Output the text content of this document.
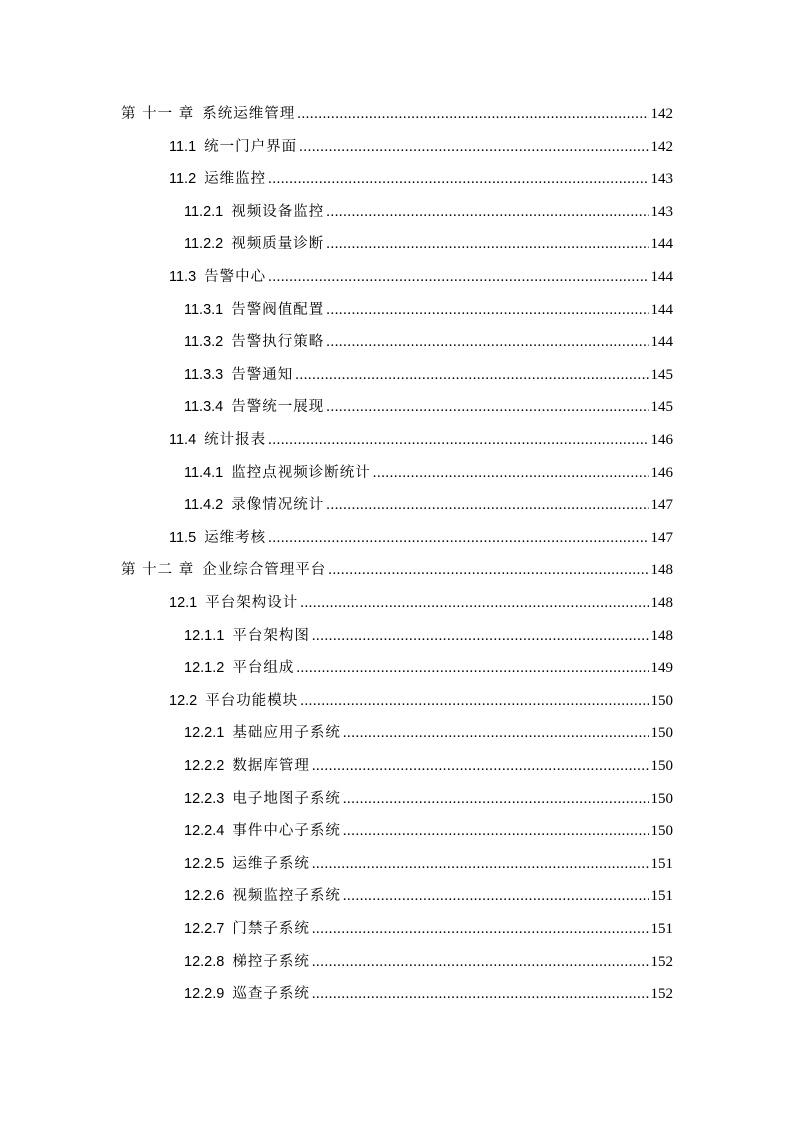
第 十一 章 系统运维管理 .....	142
11.1 统一门户界面 .....	142
11.2 运维监控 .....	143
11.2.1 视频设备监控 .....	143
11.2.2 视频质量诊断 .....	144
11.3 告警中心 .....	144
11.3.1 告警阀值配置 .....	144
11.3.2 告警执行策略 .....	144
11.3.3 告警通知 .....	145
11.3.4 告警统一展现 .....	145
11.4 统计报表 .....	146
11.4.1 监控点视频诊断统计 .....	146
11.4.2 录像情况统计 .....	147
11.5 运维考核 .....	147
第 十二 章 企业综合管理平台 .....	148
12.1 平台架构设计 .....	148
12.1.1 平台架构图 .....	148
12.1.2 平台组成 .....	149
12.2 平台功能模块 .....	150
12.2.1 基础应用子系统 .....	150
12.2.2 数据库管理 .....	150
12.2.3 电子地图子系统 .....	150
12.2.4 事件中心子系统 .....	150
12.2.5 运维子系统 .....	151
12.2.6 视频监控子系统 .....	151
12.2.7 门禁子系统 .....	151
12.2.8 梯控子系统 .....	152
12.2.9 巡查子系统 .....	152
